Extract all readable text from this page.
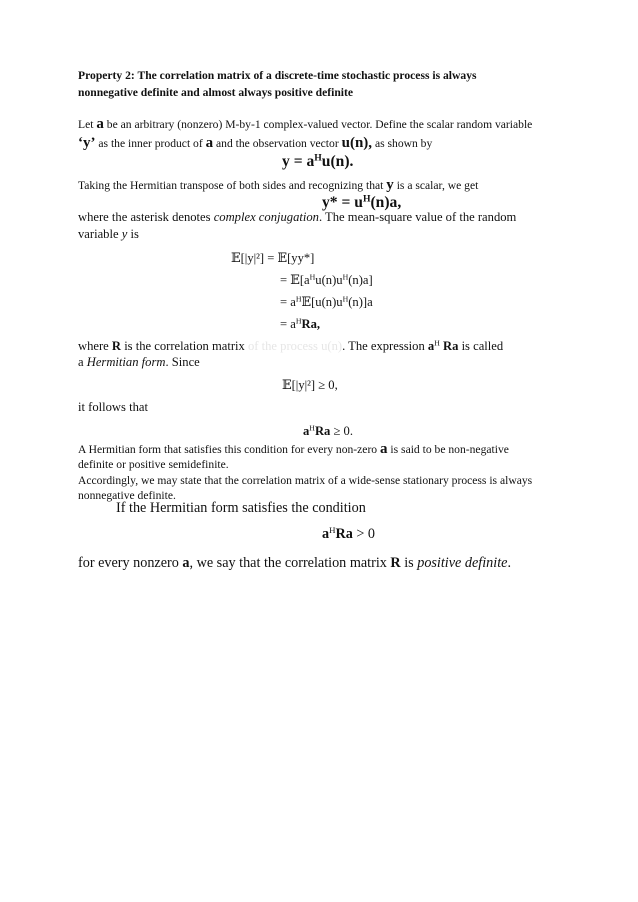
Property 2: The correlation matrix of a discrete-time stochastic process is always
nonnegative definite and almost always positive definite
Let a be an arbitrary (nonzero) M-by-1 complex-valued vector. Define the scalar random variable
‘y’ as the inner product of a and the observation vector u(n), as shown by
$y = a^Hu(n)$.
Taking the Hermitian transpose of both sides and recognizing that y is a scalar, we get
$y* = u^H(n)a$,
where the asterisk denotes complex conjugation. The mean-square value of the random
variable y is
𝔼[|y|²] = 𝔼[yy*]
= $𝔼[a^Hu(n)u^H(n)a]$
= $a^H𝔼[u(n)u^H(n)]a$
= $a^HRa$,
where R is the correlation matrix of the process u(n). The expression $a^H$ Ra is called
a Hermitian form. Since
𝔼[|y|²] ≥ 0,
it follows that
$a^HRa \ge 0$.
A Hermitian form that satisfies this condition for every non-zero a is said to be non-negative
definite or positive semidefinite.
Accordingly, we may state that the correlation matrix of a wide-sense stationary process is always
nonnegative definite.
If the Hermitian form satisfies the condition
$a^HRa > 0$
for every nonzero a, we say that the correlation matrix R is positive definite.
